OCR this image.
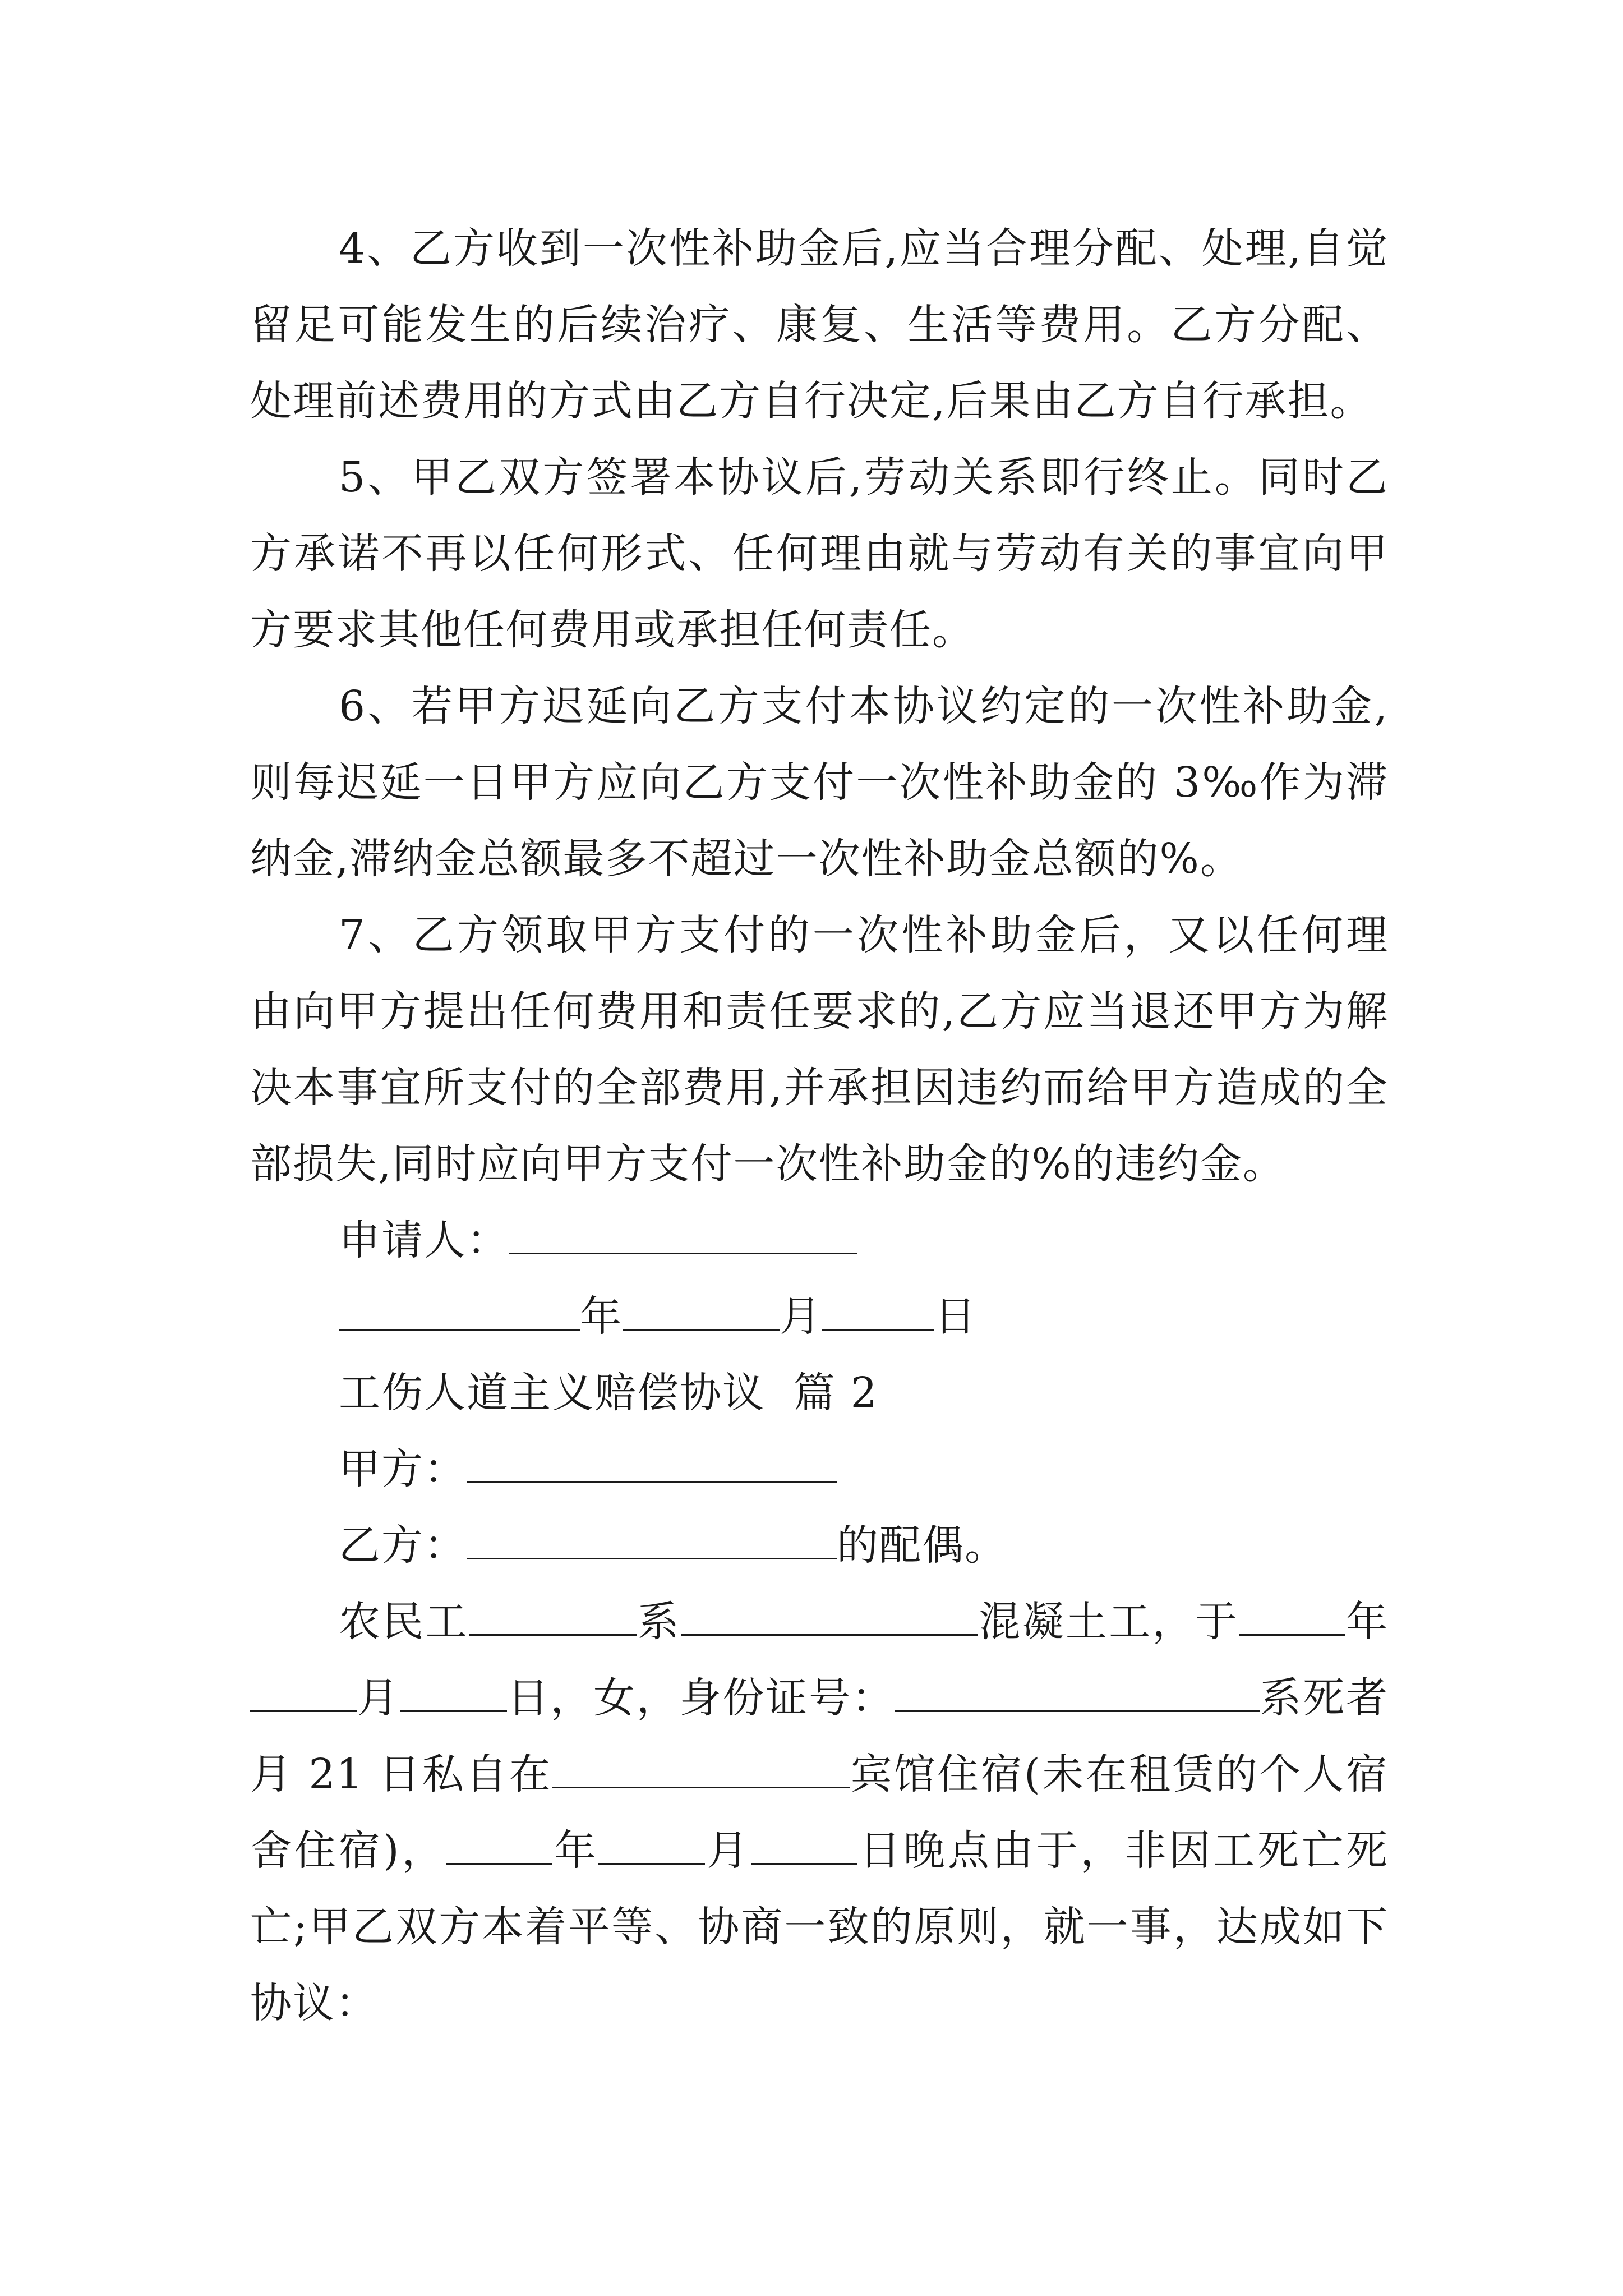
4、乙方收到一次性补助金后,应当合理分配、处理,自觉留足可能发生的后续治疗、康复、生活等费用。乙方分配、处理前述费用的方式由乙方自行决定,后果由乙方自行承担。

5、甲乙双方签署本协议后,劳动关系即行终止。同时乙方承诺不再以任何形式、任何理由就与劳动有关的事宜向甲方要求其他任何费用或承担任何责任。

6、若甲方迟延向乙方支付本协议约定的一次性补助金,则每迟延一日甲方应向乙方支付一次性补助金的 3‰作为滞纳金,滞纳金总额最多不超过一次性补助金总额的%。

7、乙方领取甲方支付的一次性补助金后，又以任何理由向甲方提出任何费用和责任要求的,乙方应当退还甲方为解决本事宜所支付的全部费用,并承担因违约而给甲方造成的全部损失,同时应向甲方支付一次性补助金的%的违约金。

申请人：

年	月	日

工伤人道主义赔偿协议  篇 2

甲方：

乙方：	的配偶。

农民工	系	混凝土工，于	年月	日，女，身份证号：	系死者月 21 日私自在	宾馆住宿(未在租赁的个人宿舍住宿)，	年	月	日晚点由于，非因工死亡死亡;甲乙双方本着平等、协商一致的原则，就一事，达成如下协议：
